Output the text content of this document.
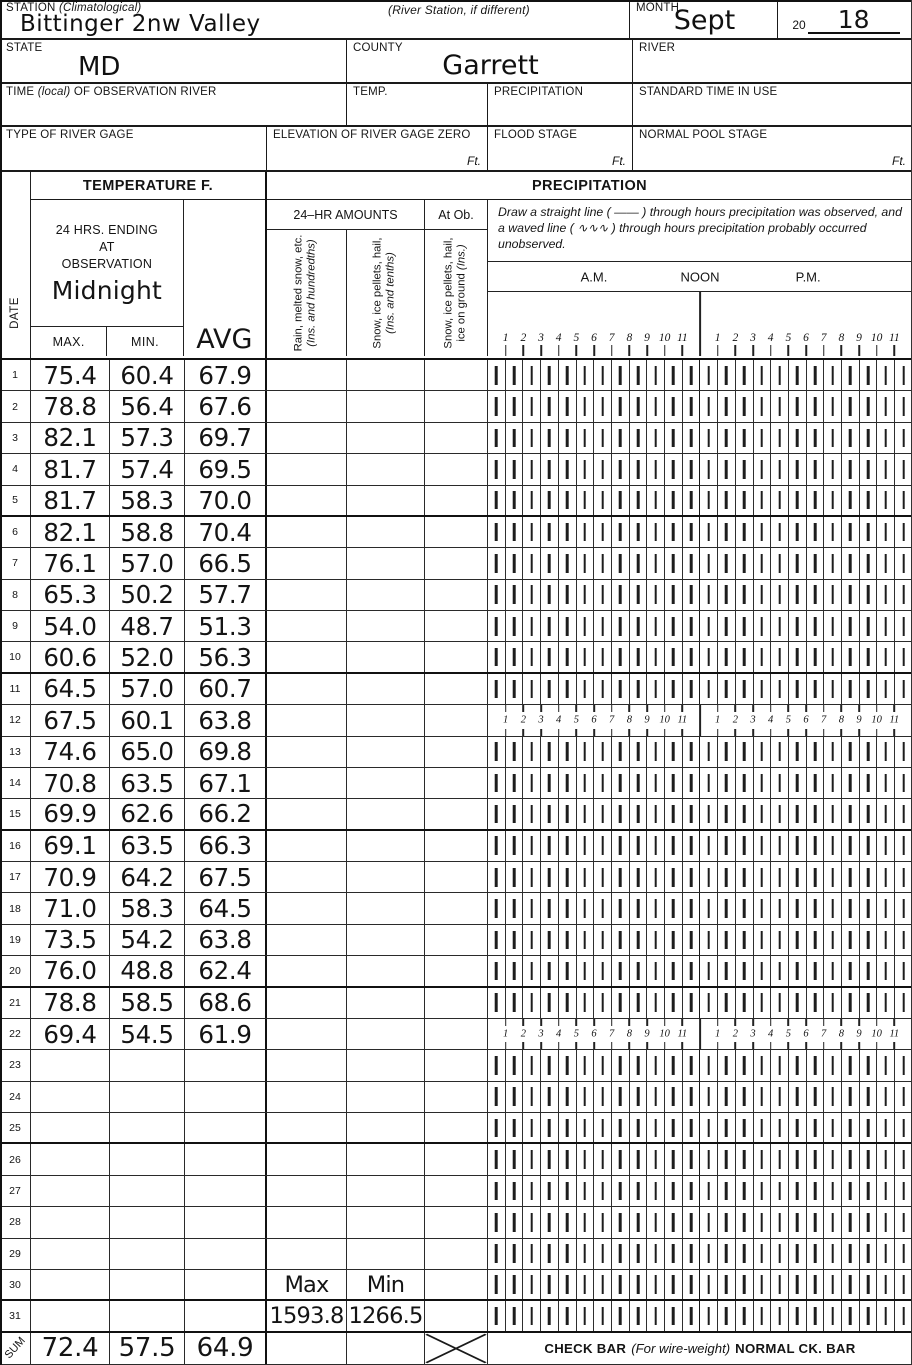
STATION (Climatological)
Bittinger 2nw Valley
(River Station, if different)	MONTH
Sept	20	18
STATE
MD
COUNTY
Garrett
RIVER
TIME (local) OF OBSERVATION RIVER	TEMP.	PRECIPITATION	STANDARD TIME IN USE
TYPE OF RIVER GAGE	ELEVATION OF RIVER GAGE ZERO
Ft.
FLOOD STAGE
Ft.
NORMAL POOL STAGE
Ft.
DATE
TEMPERATURE F.
24 HRS. ENDING
AT
OBSERVATION
Midnight
MAX.	MIN.	AVG
PRECIPITATION
24–HR AMOUNTS
Rain, melted snow, etc. (Ins. and hundredths)	Snow, ice pellets, hail, (Ins. and tenths)
At Ob.
Snow, ice pellets, hail, ice on ground (Ins.)
Draw a straight line ( —— ) through hours precipitation was observed, and a waved line ( ∿∿∿ ) through hours precipitation probably occurred unobserved.
A.M.	NOON	P.M.
1 2 3 4 5 6 7 8 9 10 11 1 2 3 4 5 6 7 8 9 10 11
1	75.4 60.4	67.9
2	78.8 56.4	67.6
3	82.1 57.3	69.7
4	81.7 57.4	69.5
5	81.7 58.3	70.0
6	82.1 58.8	70.4
7	76.1 57.0	66.5
8	65.3 50.2	57.7
9	54.0 48.7	51.3
10 60.6 52.0	56.3
11 64.5 57.0	60.7
12 67.5 60.1	63.8	1 2 3 4 5 6 7 8 9 10 11	1 2 3 4 5 6 7 8 9 10 11
13 74.6 65.0	69.8
14 70.8 63.5	67.1
15 69.9 62.6	66.2
16 69.1 63.5	66.3
17 70.9 64.2	67.5
18 71.0 58.3	64.5
19 73.5 54.2	63.8
20 76.0 48.8	62.4
21 78.8 58.5	68.6
22 69.4 54.5	61.9	1 2 3 4 5 6 7 8 9 10 11	1 2 3 4 5 6 7 8 9 10 11
23
24
25
26
27
28
29
30	Max	Min
31	1593.8 1266.5
SUM 72.4 57.5 64.9	CHECK BAR (For wire-weight) NORMAL CK. BAR
